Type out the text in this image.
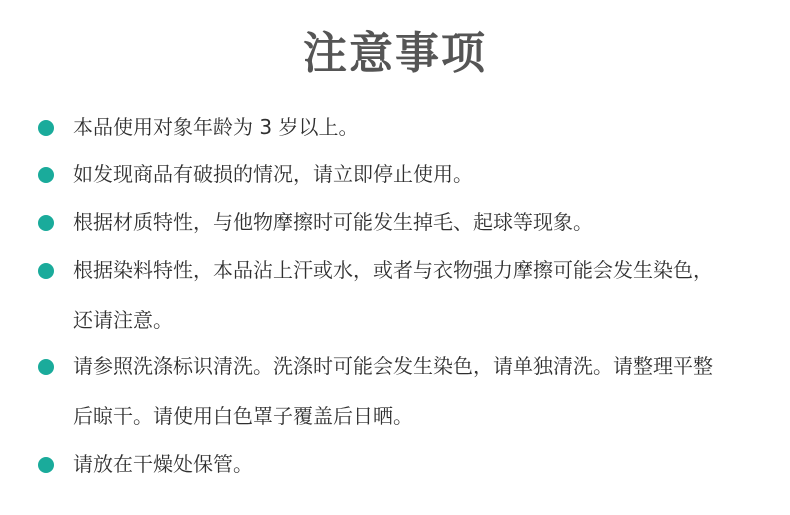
注意事项
本品使用对象年龄为 3 岁以上。
如发现商品有破损的情况，请立即停止使用。
根据材质特性，与他物摩擦时可能发生掉毛、起球等现象。
根据染料特性，本品沾上汗或水，或者与衣物强力摩擦可能会发生染色，
还请注意。
请参照洗涤标识清洗。洗涤时可能会发生染色，请单独清洗。请整理平整
后晾干。请使用白色罩子覆盖后日晒。
请放在干燥处保管。
